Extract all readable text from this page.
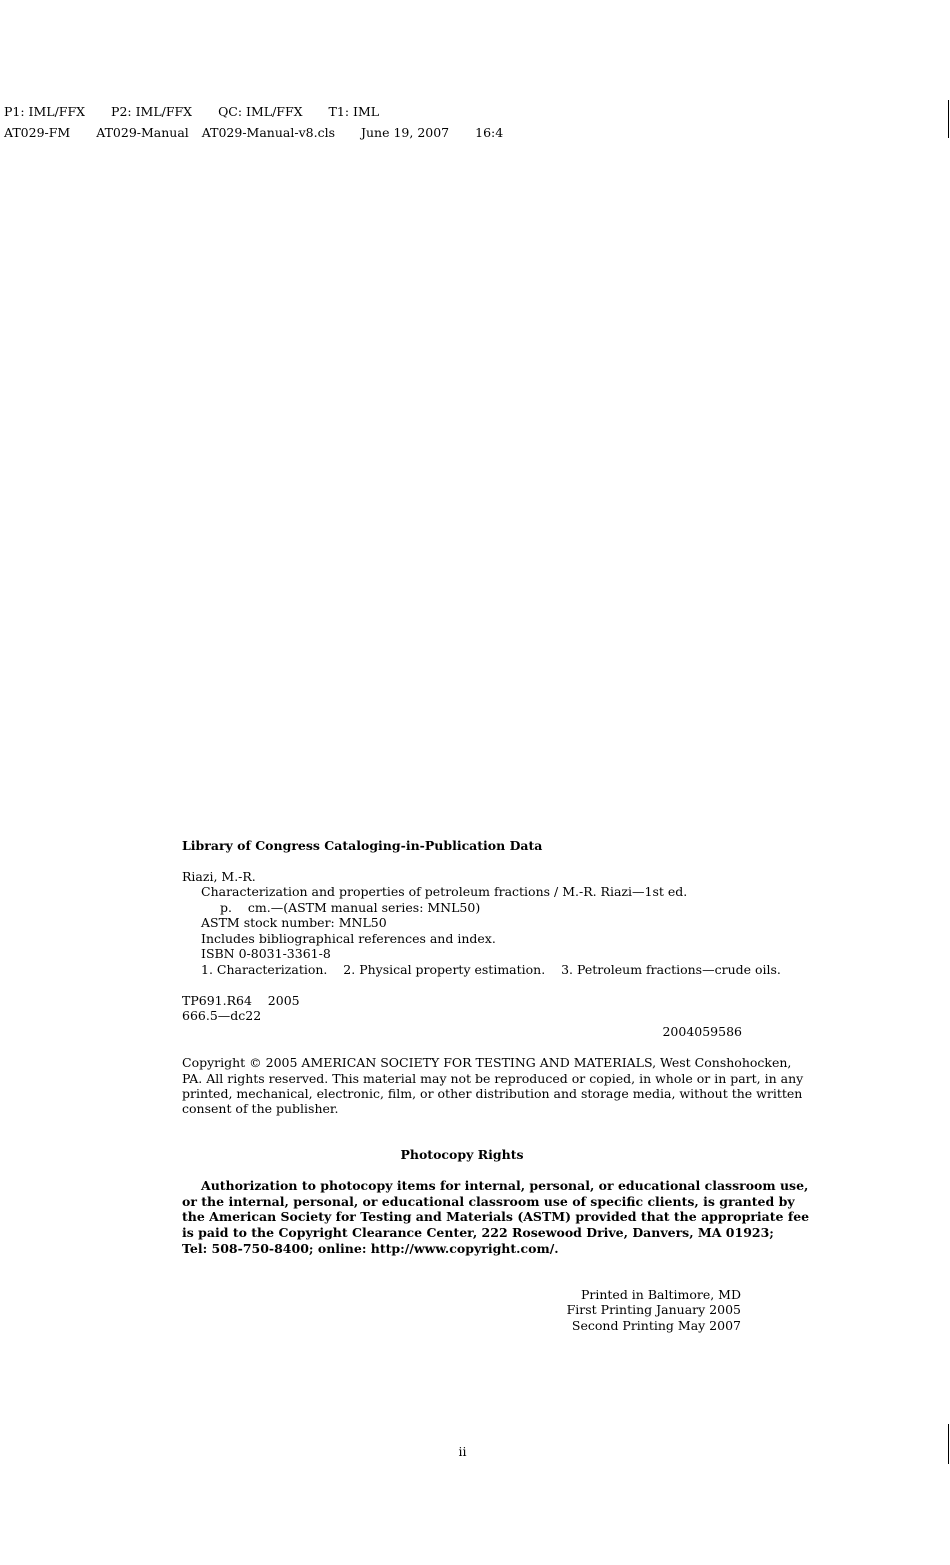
P1: IML/FFX P2: IML/FFX QC: IML/FFX T1: IML
AT029-FM AT029-Manual AT029-Manual-v8.cls June 19, 2007 16:4
Library of Congress Cataloging-in-Publication Data
Riazi, M.-R.
Characterization and properties of petroleum fractions / M.-R. Riazi—1st ed.
p.    cm.—(ASTM manual series: MNL50)
ASTM stock number: MNL50
Includes bibliographical references and index.
ISBN 0-8031-3361-8
1. Characterization.    2. Physical property estimation.    3. Petroleum fractions—crude oils.
TP691.R64    2005
666.5—dc22
2004059586
Copyright © 2005 AMERICAN SOCIETY FOR TESTING AND MATERIALS, West Conshohocken,
PA. All rights reserved. This material may not be reproduced or copied, in whole or in part, in any
printed, mechanical, electronic, film, or other distribution and storage media, without the written
consent of the publisher.
Photocopy Rights
Authorization to photocopy items for internal, personal, or educational classroom use,
or the internal, personal, or educational classroom use of specific clients, is granted by
the American Society for Testing and Materials (ASTM) provided that the appropriate fee
is paid to the Copyright Clearance Center, 222 Rosewood Drive, Danvers, MA 01923;
Tel: 508-750-8400; online: http://www.copyright.com/.
Printed in Baltimore, MD
First Printing January 2005
Second Printing May 2007
ii
